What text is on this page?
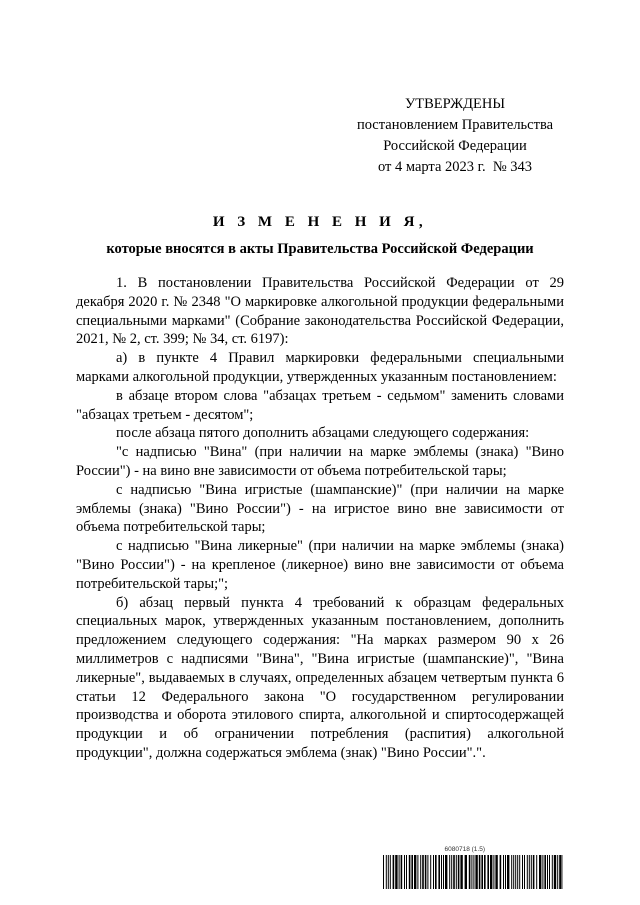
УТВЕРЖДЕНЫ
постановлением Правительства
Российской Федерации
от 4 марта 2023 г.  № 343
И З М Е Н Е Н И Я,
которые вносятся в акты Правительства Российской Федерации

1. В постановлении Правительства Российской Федерации от 29 декабря 2020 г. № 2348 "О маркировке алкогольной продукции федеральными специальными марками" (Собрание законодательства Российской Федерации, 2021, № 2, ст. 399; № 34, ст. 6197):

а) в пункте 4 Правил маркировки федеральными специальными марками алкогольной продукции, утвержденных указанным постановлением:

в абзаце втором слова "абзацах третьем - седьмом" заменить словами "абзацах третьем - десятом";

после абзаца пятого дополнить абзацами следующего содержания:

"с надписью "Вина" (при наличии на марке эмблемы (знака) "Вино России") - на вино вне зависимости от объема потребительской тары;

с надписью "Вина игристые (шампанские)" (при наличии на марке эмблемы (знака) "Вино России") - на игристое вино вне зависимости от объема потребительской тары;

с надписью "Вина ликерные" (при наличии на марке эмблемы (знака) "Вино России") - на крепленое (ликерное) вино вне зависимости от объема потребительской тары;";

б) абзац первый пункта 4 требований к образцам федеральных специальных марок, утвержденных указанным постановлением, дополнить предложением следующего содержания: "На марках размером 90 х 26 миллиметров с надписями "Вина", "Вина игристые (шампанские)", "Вина ликерные", выдаваемых в случаях, определенных абзацем четвертым пункта 6 статьи 12 Федерального закона "О государственном регулировании производства и оборота этилового спирта, алкогольной и спиртосодержащей продукции и об ограничении потребления (распития) алкогольной продукции", должна содержаться эмблема (знак) "Вино России".".

6080718 (1.5)
